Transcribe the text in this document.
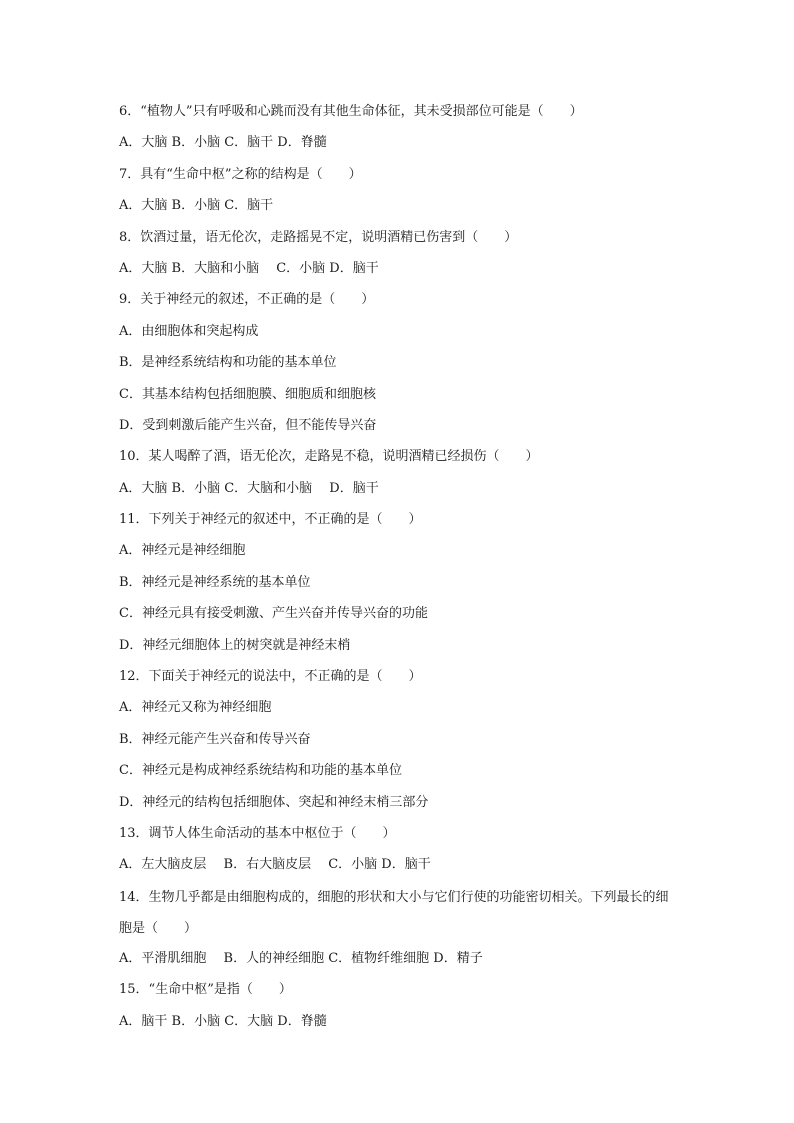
6．“植物人”只有呼吸和心跳而没有其他生命体征，其未受损部位可能是（　　）
A．大脑 B．小脑 C．脑干 D．脊髓
7．具有“生命中枢”之称的结构是（　　）
A．大脑 B．小脑 C．脑干
8．饮酒过量，语无伦次，走路摇晃不定，说明酒精已伤害到（　　）
A．大脑 B．大脑和小脑　 C．小脑 D．脑干
9．关于神经元的叙述，不正确的是（　　）
A．由细胞体和突起构成
B．是神经系统结构和功能的基本单位
C．其基本结构包括细胞膜、细胞质和细胞核
D．受到刺激后能产生兴奋，但不能传导兴奋
10．某人喝醉了酒，语无伦次，走路晃不稳，说明酒精已经损伤（　　）
A．大脑 B．小脑 C．大脑和小脑　 D．脑干
11．下列关于神经元的叙述中，不正确的是（　　）
A．神经元是神经细胞
B．神经元是神经系统的基本单位
C．神经元具有接受刺激、产生兴奋并传导兴奋的功能
D．神经元细胞体上的树突就是神经末梢
12．下面关于神经元的说法中，不正确的是（　　）
A．神经元又称为神经细胞
B．神经元能产生兴奋和传导兴奋
C．神经元是构成神经系统结构和功能的基本单位
D．神经元的结构包括细胞体、突起和神经末梢三部分
13．调节人体生命活动的基本中枢位于（　　）
A．左大脑皮层　 B．右大脑皮层　 C．小脑 D．脑干
14．生物几乎都是由细胞构成的，细胞的形状和大小与它们行使的功能密切相关。下列最长的细胞是（　　）
A．平滑肌细胞　 B．人的神经细胞 C．植物纤维细胞 D．精子
15．“生命中枢”是指（　　）
A．脑干 B．小脑 C．大脑 D．脊髓
